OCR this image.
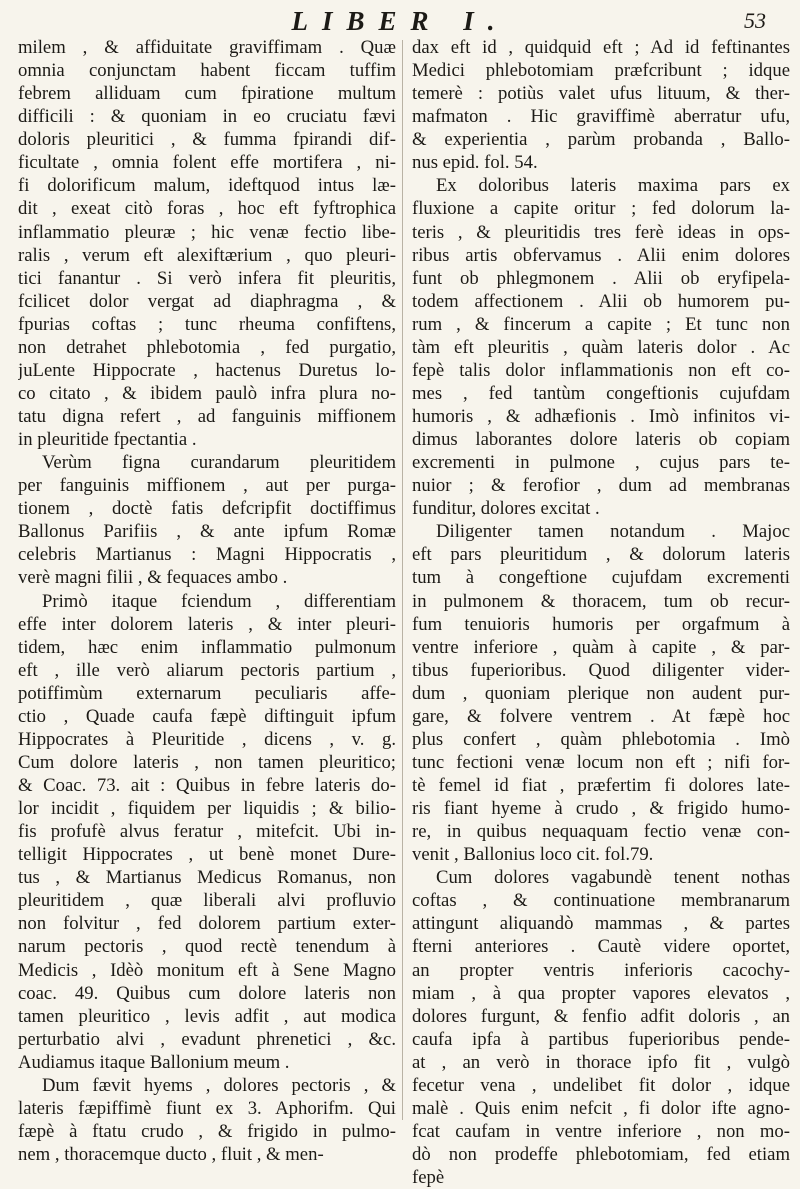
LIBER I.	53
milem , & affiduitate graviffimam . Quæ
omnia conjunctam habent ficcam tuffim
febrem alliduam cum fpiratione multum
difficili : & quoniam in eo cruciatu fævi
doloris pleuritici , & fumma fpirandi dif-
ficultate , omnia folent effe mortifera , ni-
fi dolorificum malum, ideftquod intus læ-
dit , exeat citò foras , hoc eft fyftrophica
inflammatio pleuræ ; hic venæ fectio libe-
ralis , verum eft alexiftærium , quo pleuri-
tici fanantur . Si verò infera fit pleuritis,
fcilicet dolor vergat ad diaphragma , &
fpurias coftas ; tunc rheuma confiftens,
non detrahet phlebotomia , fed purgatio,
juLente Hippocrate , hactenus Duretus lo-
co citato , & ibidem paulò infra plura no-
tatu digna refert , ad fanguinis miffionem
in pleuritide fpectantia .
Verùm figna curandarum pleuritidem
per fanguinis miffionem , aut per purga-
tionem , doctè fatis defcripfit doctiffimus
Ballonus Parifiis , & ante ipfum Romæ
celebris Martianus : Magni Hippocratis ,
verè magni filii , & fequaces ambo .
Primò itaque fciendum , differentiam
effe inter dolorem lateris , & inter pleuri-
tidem, hæc enim inflammatio pulmonum
eft , ille verò aliarum pectoris partium ,
potiffimùm externarum peculiaris affe-
ctio , Quade caufa fæpè diftinguit ipfum
Hippocrates à Pleuritide , dicens , v. g.
Cum dolore lateris , non tamen pleuritico;
& Coac. 73. ait : Quibus in febre lateris do-
lor incidit , fiquidem per liquidis ; & bilio-
fis profufè alvus feratur , mitefcit. Ubi in-
telligit Hippocrates , ut benè monet Dure-
tus , & Martianus Medicus Romanus, non
pleuritidem , quæ liberali alvi profluvio
non folvitur , fed dolorem partium exter-
narum pectoris , quod rectè tenendum à
Medicis , Idèò monitum eft à Sene Magno
coac. 49. Quibus cum dolore lateris non
tamen pleuritico , levis adfit , aut modica
perturbatio alvi , evadunt phrenetici , &c.
Audiamus itaque Ballonium meum .
Dum fævit hyems , dolores pectoris , &
lateris fæpiffimè fiunt ex 3. Aphorifm. Qui
fæpè à ftatu crudo , & frigido in pulmo-
nem , thoracemque ducto , fluit , & men-
dax eft id , quidquid eft ; Ad id feftinantes
Medici phlebotomiam præfcribunt ; idque
temerè : potiùs valet ufus lituum, & ther-
mafmaton . Hic graviffimè aberratur ufu,
& experientia , parùm probanda , Ballo-
nus epid. fol. 54.
Ex doloribus lateris maxima pars ex
fluxione a capite oritur ; fed dolorum la-
teris , & pleuritidis tres ferè ideas in ops-
ribus artis obfervamus . Alii enim dolores
funt ob phlegmonem . Alii ob eryfipela-
todem affectionem . Alii ob humorem pu-
rum , & fincerum a capite ; Et tunc non
tàm eft pleuritis , quàm lateris dolor . Ac
fepè talis dolor inflammationis non eft co-
mes , fed tantùm congeftionis cujufdam
humoris , & adhæfionis . Imò infinitos vi-
dimus laborantes dolore lateris ob copiam
excrementi in pulmone , cujus pars te-
nuior ; & ferofior , dum ad membranas
funditur, dolores excitat .
Diligenter tamen notandum . Majoc
eft pars pleuritidum , & dolorum lateris
tum à congeftione cujufdam excrementi
in pulmonem & thoracem, tum ob recur-
fum tenuioris humoris per orgafmum à
ventre inferiore , quàm à capite , & par-
tibus fuperioribus. Quod diligenter vider-
dum , quoniam plerique non audent pur-
gare, & folvere ventrem . At fæpè hoc
plus confert , quàm phlebotomia . Imò
tunc fectioni venæ locum non eft ; nifi for-
tè femel id fiat , præfertim fi dolores late-
ris fiant hyeme à crudo , & frigido humo-
re, in quibus nequaquam fectio venæ con-
venit , Ballonius loco cit. fol.79.
Cum dolores vagabundè tenent nothas
coftas , & continuatione membranarum
attingunt aliquandò mammas , & partes
fterni anteriores . Cautè videre oportet,
an propter ventris inferioris cacochy-
miam , à qua propter vapores elevatos ,
dolores furgunt, & fenfio adfit doloris , an
caufa ipfa à partibus fuperioribus pende-
at , an verò in thorace ipfo fit , vulgò
fecetur vena , undelibet fit dolor , idque
malè . Quis enim nefcit , fi dolor ifte agno-
fcat caufam in ventre inferiore , non mo-
dò non prodeffe phlebotomiam, fed etiam
fepè
